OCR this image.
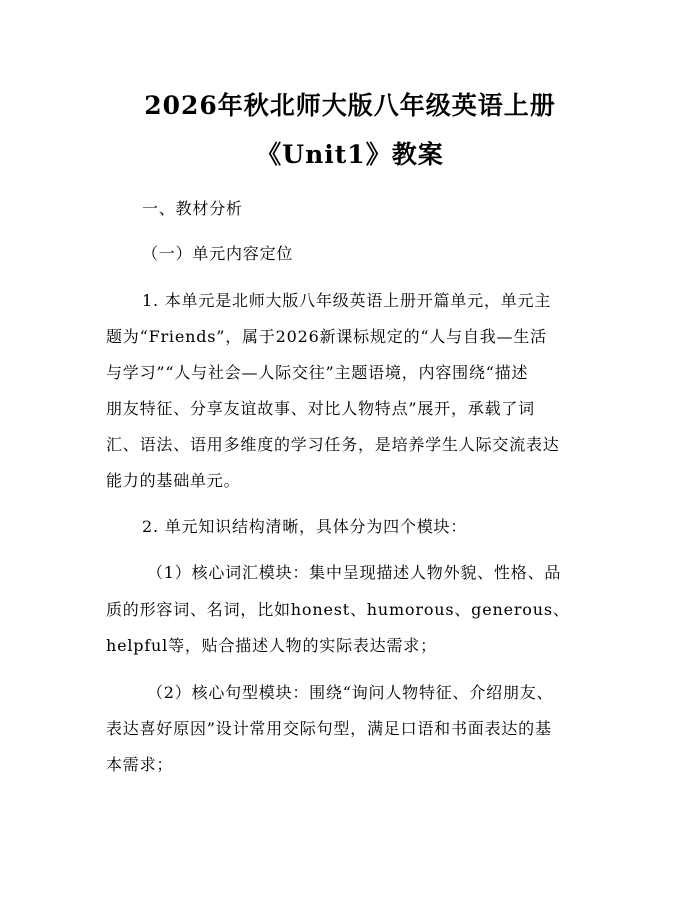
2026年秋北师大版八年级英语上册
《Unit1》教案
一、教材分析
（一）单元内容定位
1. 本单元是北师大版八年级英语上册开篇单元，单元主
题为“Friends”，属于2026新课标规定的“人与自我—生活
与学习”“人与社会—人际交往”主题语境，内容围绕“描述
朋友特征、分享友谊故事、对比人物特点”展开，承载了词
汇、语法、语用多维度的学习任务，是培养学生人际交流表达
能力的基础单元。
2. 单元知识结构清晰，具体分为四个模块：
（1）核心词汇模块：集中呈现描述人物外貌、性格、品
质的形容词、名词，比如honest、humorous、generous、
helpful等，贴合描述人物的实际表达需求；
（2）核心句型模块：围绕“询问人物特征、介绍朋友、
表达喜好原因”设计常用交际句型，满足口语和书面表达的基
本需求；
